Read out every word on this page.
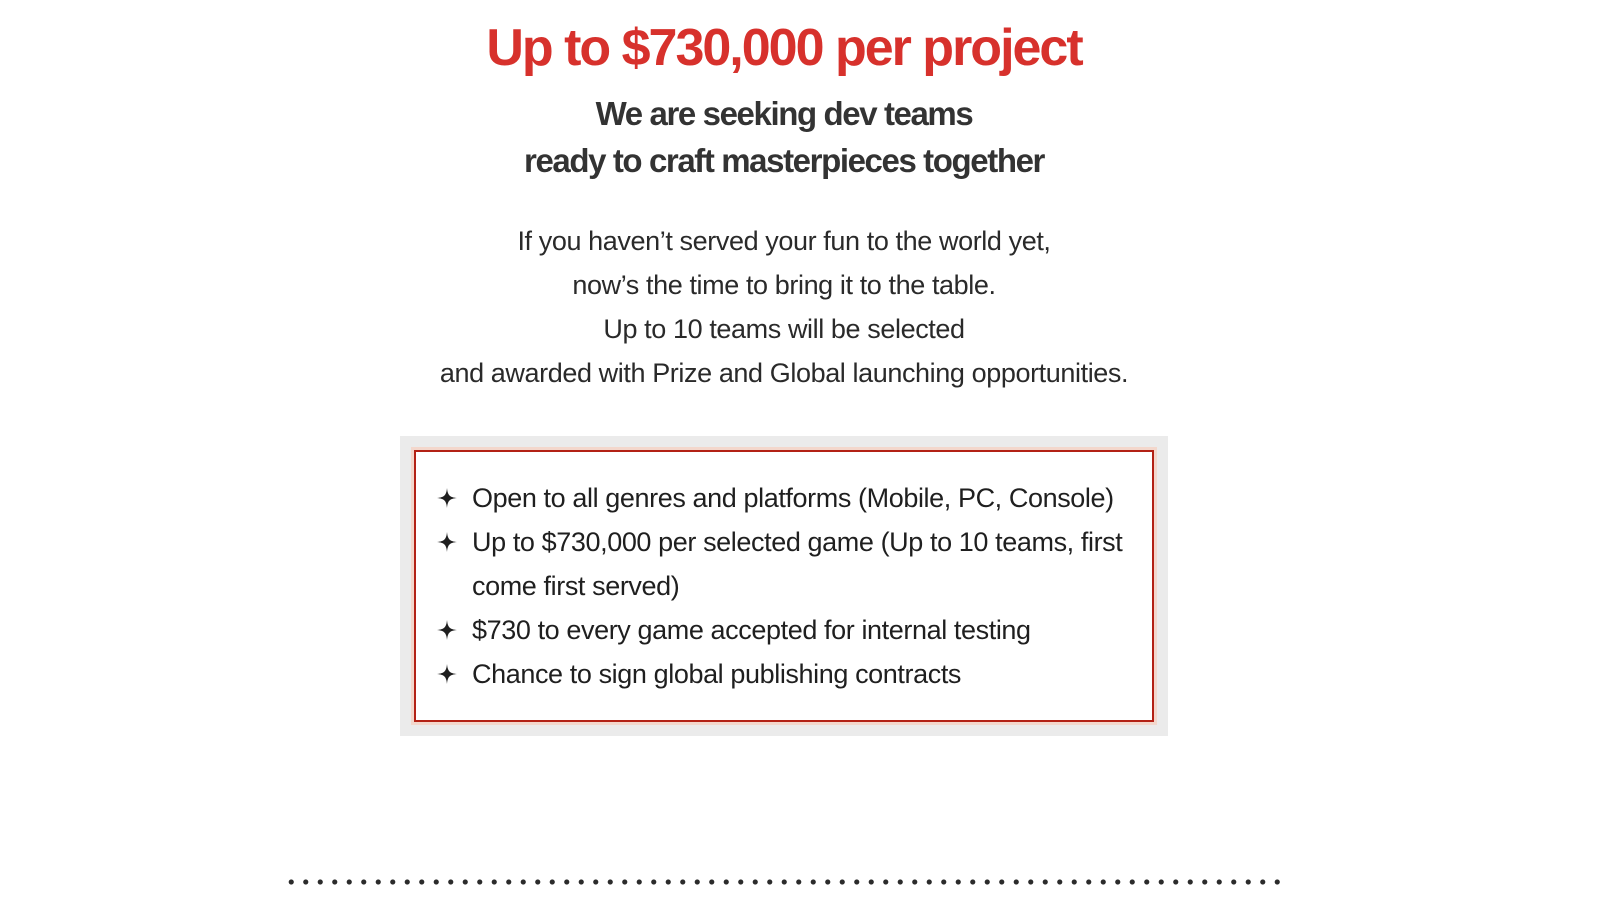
Up to $730,000 per project
We are seeking dev teams
ready to craft masterpieces together

If you haven’t served your fun to the world yet,
now’s the time to bring it to the table.
Up to 10 teams will be selected
and awarded with Prize and Global launching opportunities.

Open to all genres and platforms (Mobile, PC, Console)
Up to $730,000 per selected game (Up to 10 teams, first come first served)
$730 to every game accepted for internal testing
Chance to sign global publishing contracts
